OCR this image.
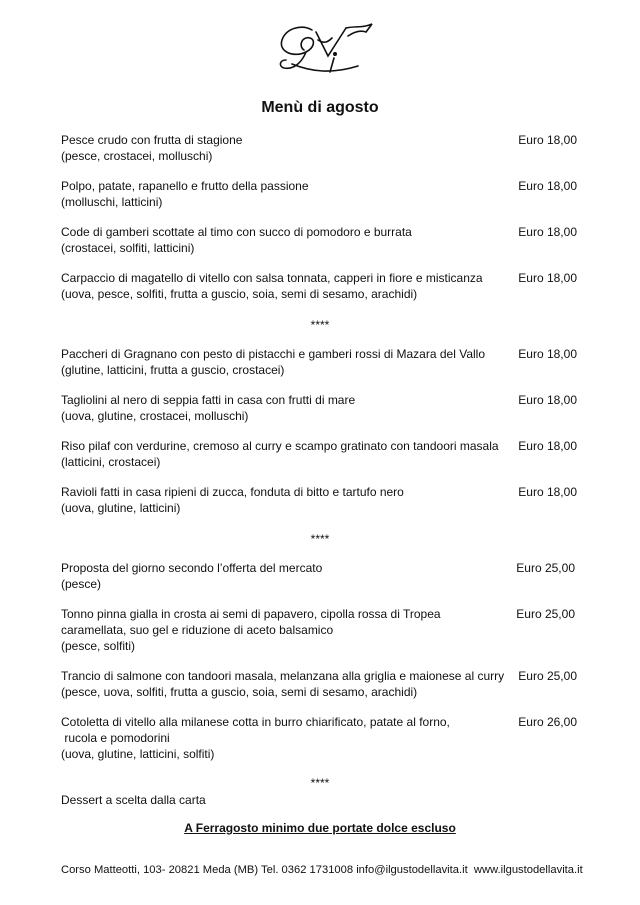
Menù di agosto
Pesce crudo con frutta di stagione
(pesce, crostacei, molluschi)
Euro 18,00
Polpo, patate, rapanello e frutto della passione
(molluschi, latticini)
Euro 18,00
Code di gamberi scottate al timo con succo di pomodoro e burrata
(crostacei, solfiti, latticini)
Euro 18,00
Carpaccio di magatello di vitello con salsa tonnata, capperi in fiore e misticanza
(uova, pesce, solfiti, frutta a guscio, soia, semi di sesamo, arachidi)
Euro 18,00
****
Paccheri di Gragnano con pesto di pistacchi e gamberi rossi di Mazara del Vallo
(glutine, latticini, frutta a guscio, crostacei)
Euro 18,00
Tagliolini al nero di seppia fatti in casa con frutti di mare
(uova, glutine, crostacei, molluschi)
Euro 18,00
Riso pilaf con verdurine, cremoso al curry e scampo gratinato con tandoori masala
(latticini, crostacei)
Euro 18,00
Ravioli fatti in casa ripieni di zucca, fonduta di bitto e tartufo nero
(uova, glutine, latticini)
Euro 18,00
****
Proposta del giorno secondo l’offerta del mercato
(pesce)
Euro 25,00
Tonno pinna gialla in crosta ai semi di papavero, cipolla rossa di Tropea
caramellata, suo gel e riduzione di aceto balsamico
(pesce, solfiti)
Euro 25,00
Trancio di salmone con tandoori masala, melanzana alla griglia e maionese al curry
(pesce, uova, solfiti, frutta a guscio, soia, semi di sesamo, arachidi)
Euro 25,00
Cotoletta di vitello alla milanese cotta in burro chiarificato, patate al forno,
rucola e pomodorini
(uova, glutine, latticini, solfiti)
Euro 26,00
****
Dessert a scelta dalla carta
A Ferragosto minimo due portate dolce escluso
Corso Matteotti, 103- 20821 Meda (MB) Tel. 0362 1731008 info@ilgustodellavita.it  www.ilgustodellavita.it
